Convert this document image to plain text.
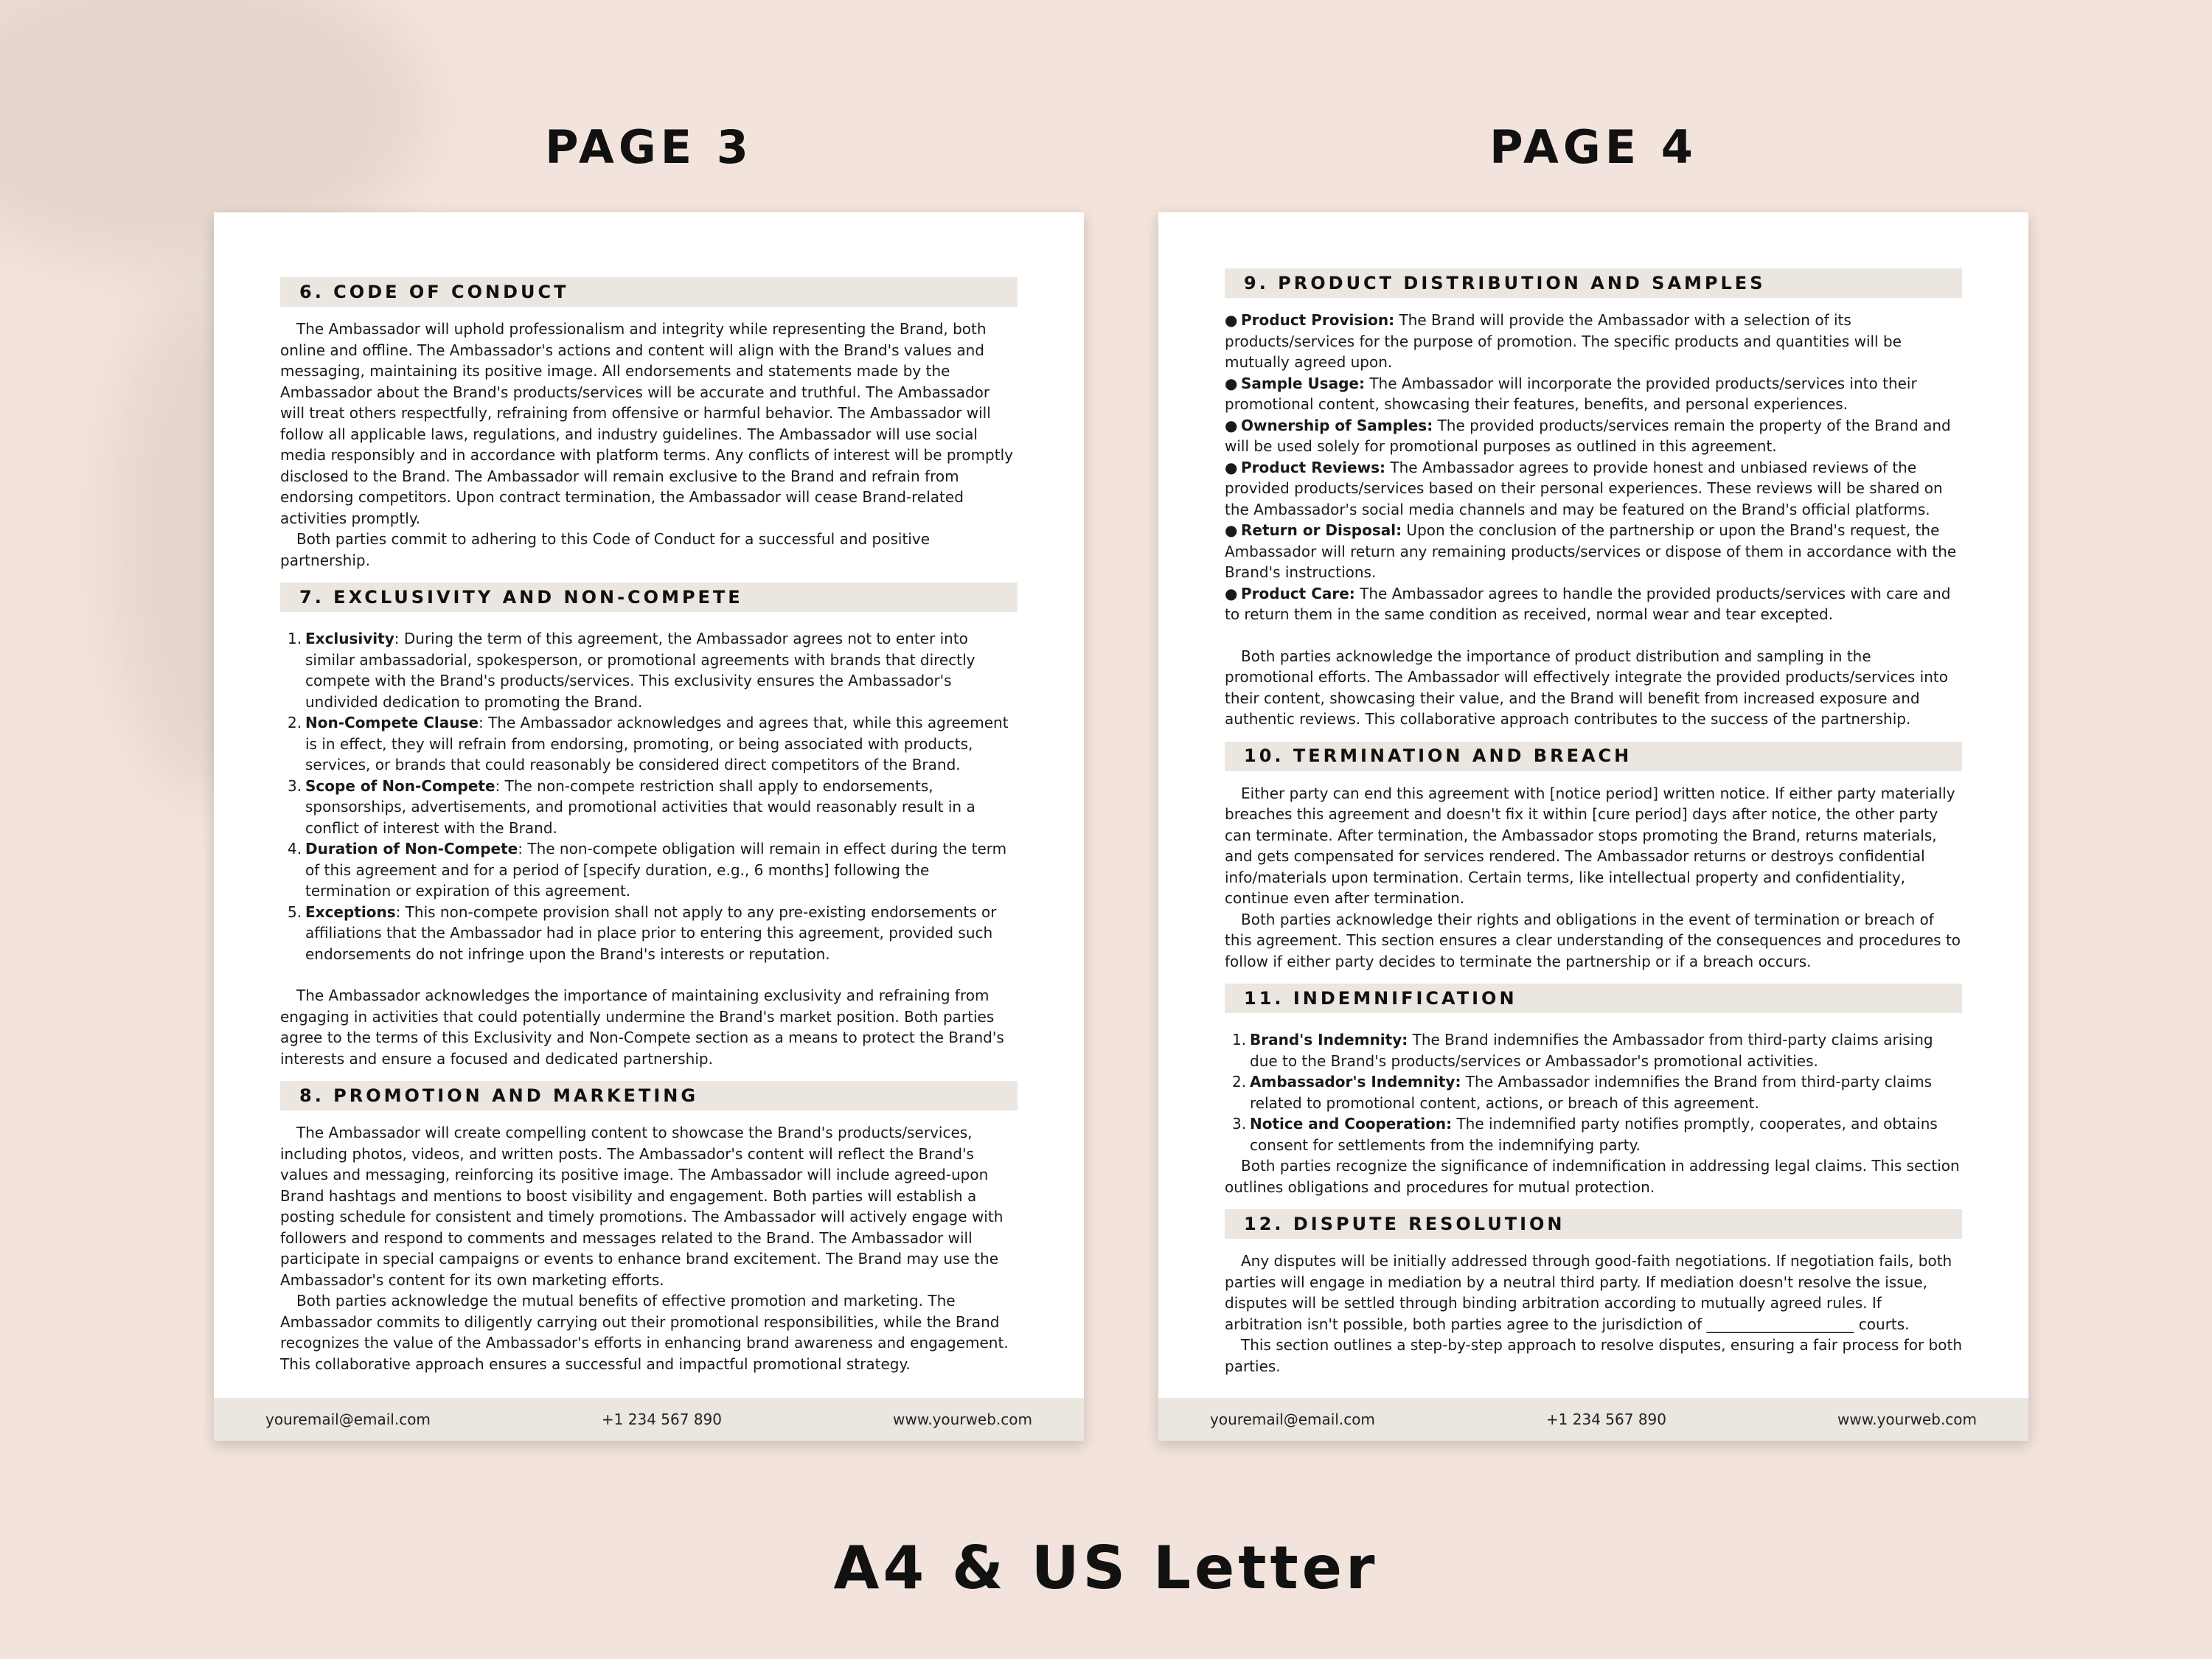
PAGE 3	PAGE 4
6. CODE OF CONDUCT

The Ambassador will uphold professionalism and integrity while representing the Brand, both online and offline. The Ambassador's actions and content will align with the Brand's values and messaging, maintaining its positive image. All endorsements and statements made by the Ambassador about the Brand's products/services will be accurate and truthful. The Ambassador will treat others respectfully, refraining from offensive or harmful behavior. The Ambassador will follow all applicable laws, regulations, and industry guidelines. The Ambassador will use social media responsibly and in accordance with platform terms. Any conflicts of interest will be promptly disclosed to the Brand. The Ambassador will remain exclusive to the Brand and refrain from endorsing competitors. Upon contract termination, the Ambassador will cease Brand-related activities promptly.

Both parties commit to adhering to this Code of Conduct for a successful and positive partnership.

7. EXCLUSIVITY AND NON-COMPETE
1. Exclusivity: During the term of this agreement, the Ambassador agrees not to enter into similar ambassadorial, spokesperson, or promotional agreements with brands that directly compete with the Brand's products/services. This exclusivity ensures the Ambassador's undivided dedication to promoting the Brand.
2. Non-Compete Clause: The Ambassador acknowledges and agrees that, while this agreement is in effect, they will refrain from endorsing, promoting, or being associated with products, services, or brands that could reasonably be considered direct competitors of the Brand.
3. Scope of Non-Compete: The non-compete restriction shall apply to endorsements, sponsorships, advertisements, and promotional activities that would reasonably result in a conflict of interest with the Brand.
4. Duration of Non-Compete: The non-compete obligation will remain in effect during the term of this agreement and for a period of [specify duration, e.g., 6 months] following the termination or expiration of this agreement.
5. Exceptions: This non-compete provision shall not apply to any pre-existing endorsements or affiliations that the Ambassador had in place prior to entering this agreement, provided such endorsements do not infringe upon the Brand's interests or reputation.

The Ambassador acknowledges the importance of maintaining exclusivity and refraining from engaging in activities that could potentially undermine the Brand's market position. Both parties agree to the terms of this Exclusivity and Non-Compete section as a means to protect the Brand's interests and ensure a focused and dedicated partnership.

8. PROMOTION AND MARKETING

The Ambassador will create compelling content to showcase the Brand's products/services, including photos, videos, and written posts. The Ambassador's content will reflect the Brand's values and messaging, reinforcing its positive image. The Ambassador will include agreed-upon Brand hashtags and mentions to boost visibility and engagement. Both parties will establish a posting schedule for consistent and timely promotions. The Ambassador will actively engage with followers and respond to comments and messages related to the Brand. The Ambassador will participate in special campaigns or events to enhance brand excitement. The Brand may use the Ambassador's content for its own marketing efforts.

Both parties acknowledge the mutual benefits of effective promotion and marketing. The Ambassador commits to diligently carrying out their promotional responsibilities, while the Brand recognizes the value of the Ambassador's efforts in enhancing brand awareness and engagement. This collaborative approach ensures a successful and impactful promotional strategy.

youremail@email.com	+1 234 567 890	www.yourweb.com
9. PRODUCT DISTRIBUTION AND SAMPLES
● Product Provision: The Brand will provide the Ambassador with a selection of its products/services for the purpose of promotion. The specific products and quantities will be mutually agreed upon.
● Sample Usage: The Ambassador will incorporate the provided products/services into their promotional content, showcasing their features, benefits, and personal experiences.
● Ownership of Samples: The provided products/services remain the property of the Brand and will be used solely for promotional purposes as outlined in this agreement.
● Product Reviews: The Ambassador agrees to provide honest and unbiased reviews of the provided products/services based on their personal experiences. These reviews will be shared on the Ambassador's social media channels and may be featured on the Brand's official platforms.
● Return or Disposal: Upon the conclusion of the partnership or upon the Brand's request, the Ambassador will return any remaining products/services or dispose of them in accordance with the Brand's instructions.
● Product Care: The Ambassador agrees to handle the provided products/services with care and to return them in the same condition as received, normal wear and tear excepted.

Both parties acknowledge the importance of product distribution and sampling in the promotional efforts. The Ambassador will effectively integrate the provided products/services into their content, showcasing their value, and the Brand will benefit from increased exposure and authentic reviews. This collaborative approach contributes to the success of the partnership.

10. TERMINATION AND BREACH

Either party can end this agreement with [notice period] written notice. If either party materially breaches this agreement and doesn't fix it within [cure period] days after notice, the other party can terminate. After termination, the Ambassador stops promoting the Brand, returns materials, and gets compensated for services rendered. The Ambassador returns or destroys confidential info/materials upon termination. Certain terms, like intellectual property and confidentiality, continue even after termination.

Both parties acknowledge their rights and obligations in the event of termination or breach of this agreement. This section ensures a clear understanding of the consequences and procedures to follow if either party decides to terminate the partnership or if a breach occurs.

11. INDEMNIFICATION
1. Brand's Indemnity: The Brand indemnifies the Ambassador from third-party claims arising due to the Brand's products/services or Ambassador's promotional activities.
2. Ambassador's Indemnity: The Ambassador indemnifies the Brand from third-party claims related to promotional content, actions, or breach of this agreement.
3. Notice and Cooperation: The indemnified party notifies promptly, cooperates, and obtains consent for settlements from the indemnifying party.

Both parties recognize the significance of indemnification in addressing legal claims. This section outlines obligations and procedures for mutual protection.

12. DISPUTE RESOLUTION

Any disputes will be initially addressed through good-faith negotiations. If negotiation fails, both parties will engage in mediation by a neutral third party. If mediation doesn't resolve the issue, disputes will be settled through binding arbitration according to mutually agreed rules. If arbitration isn't possible, both parties agree to the jurisdiction of ____________________ courts.

This section outlines a step-by-step approach to resolve disputes, ensuring a fair process for both parties.

youremail@email.com	+1 234 567 890	www.yourweb.com
A4 & US Letter
